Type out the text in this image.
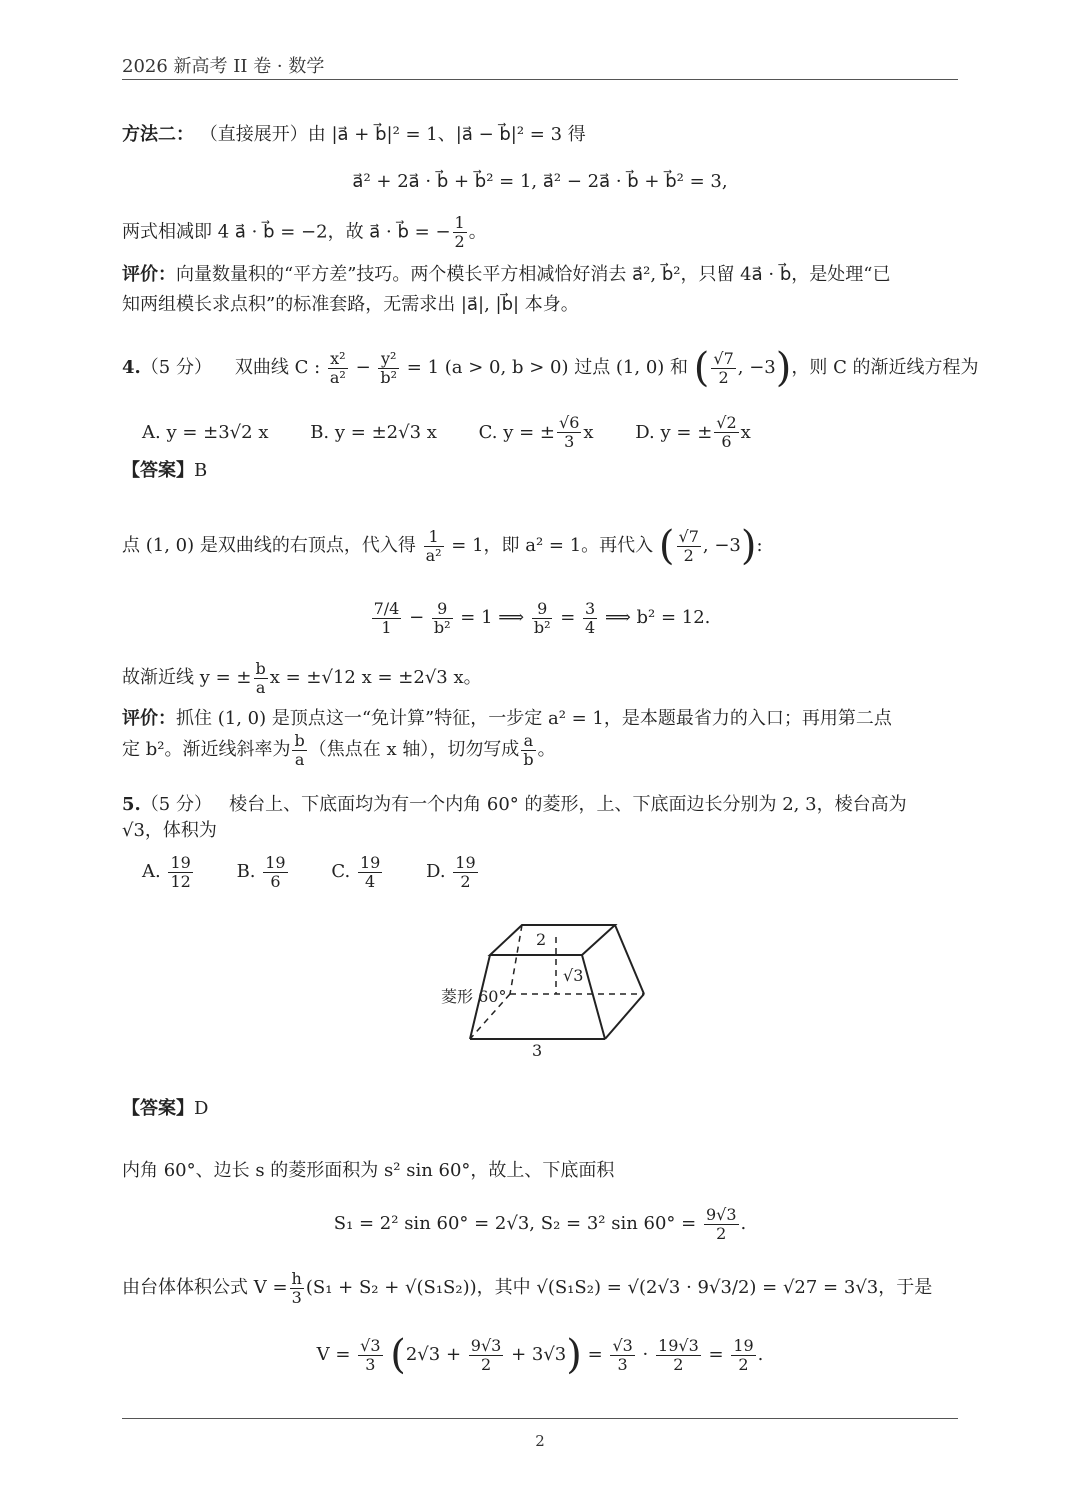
2026 新高考 II 卷 · 数学
方法二： （直接展开）由 |a⃗ + b⃗|² = 1、|a⃗ − b⃗|² = 3 得
a⃗² + 2a⃗ · b⃗ + b⃗² = 1, a⃗² − 2a⃗ · b⃗ + b⃗² = 3,
两式相减即 4 a⃗ · b⃗ = −2，故 a⃗ · b⃗ = − $\frac{1}{2}$ 。
评价：向量数量积的“平方差”技巧。两个模长平方相减恰好消去 a⃗², b⃗²，只留 4a⃗ · b⃗，是处理“已
知两组模长求点积”的标准套路，无需求出 |a⃗|, |b⃗| 本身。
4.（5 分） 双曲线 C : $\frac{\text{x²}}{\text{a²}} - \frac{\text{y²}}{\text{b²}} = 1$ (a > 0, b > 0) 过点 (1, 0) 和 ( $\frac{√7}{2}$ , −3)，则 C 的渐近线方程为
A. y = ±3√2 x B. y = ±2√3 x C. y = ± $\frac{√6}{3}$ x D. y = ± $\frac{√2}{6}$ x
【答案】B
点 (1, 0) 是双曲线的右顶点，代入得 $\frac{1}{\text{a²}} = 1$，即 a² = 1。再代入 ( $\frac{√7}{2}$ , −3):
$\frac{7/4}{1} - \frac{9}{\text{b²}} = 1$ ⟹ $\frac{9}{\text{b²}} = \frac{3}{4}$ ⟹ b² = 12.
故渐近线 y = ± $\frac{b}{a}$ x = ±√12 x = ±2√3 x。
评价：抓住 (1, 0) 是顶点这一“免计算”特征，一步定 a² = 1，是本题最省力的入口；再用第二点
定 b²。渐近线斜率为 $\frac{b}{a}$ （焦点在 x 轴），切勿写成 $\frac{a}{b}$ 。
5.（5 分） 棱台上、下底面均为有一个内角 60° 的菱形，上、下底面边长分别为 2, 3，棱台高为
√3，体积为
A. $\frac{19}{12} B$. $\frac{19}{6} C$. $\frac{19}{4} D$. $\frac{19}{2}$
2
√3
菱形 60°
3
【答案】D
内角 60°、边长 s 的菱形面积为 s² sin 60°，故上、下底面积
S₁ = 2² sin 60° = 2√3, S₂ = 3² $\sin 60^\circ = \frac{9√3}{2}$ .
由台体体积公式 $V = \frac{h}{3} (S_1 + S_2 + √(S_1S_2))$，其中 √(S₁S₂) = √(2√3 · 9√3/2) = √27 = 3√3，于是
$V = \frac{√3}{3} (2√3 + \frac{9√3}{2} + 3√3) = \frac{√3}{3} \cdot \frac{19√3}{2} = \frac{19}{2}$ .
2
